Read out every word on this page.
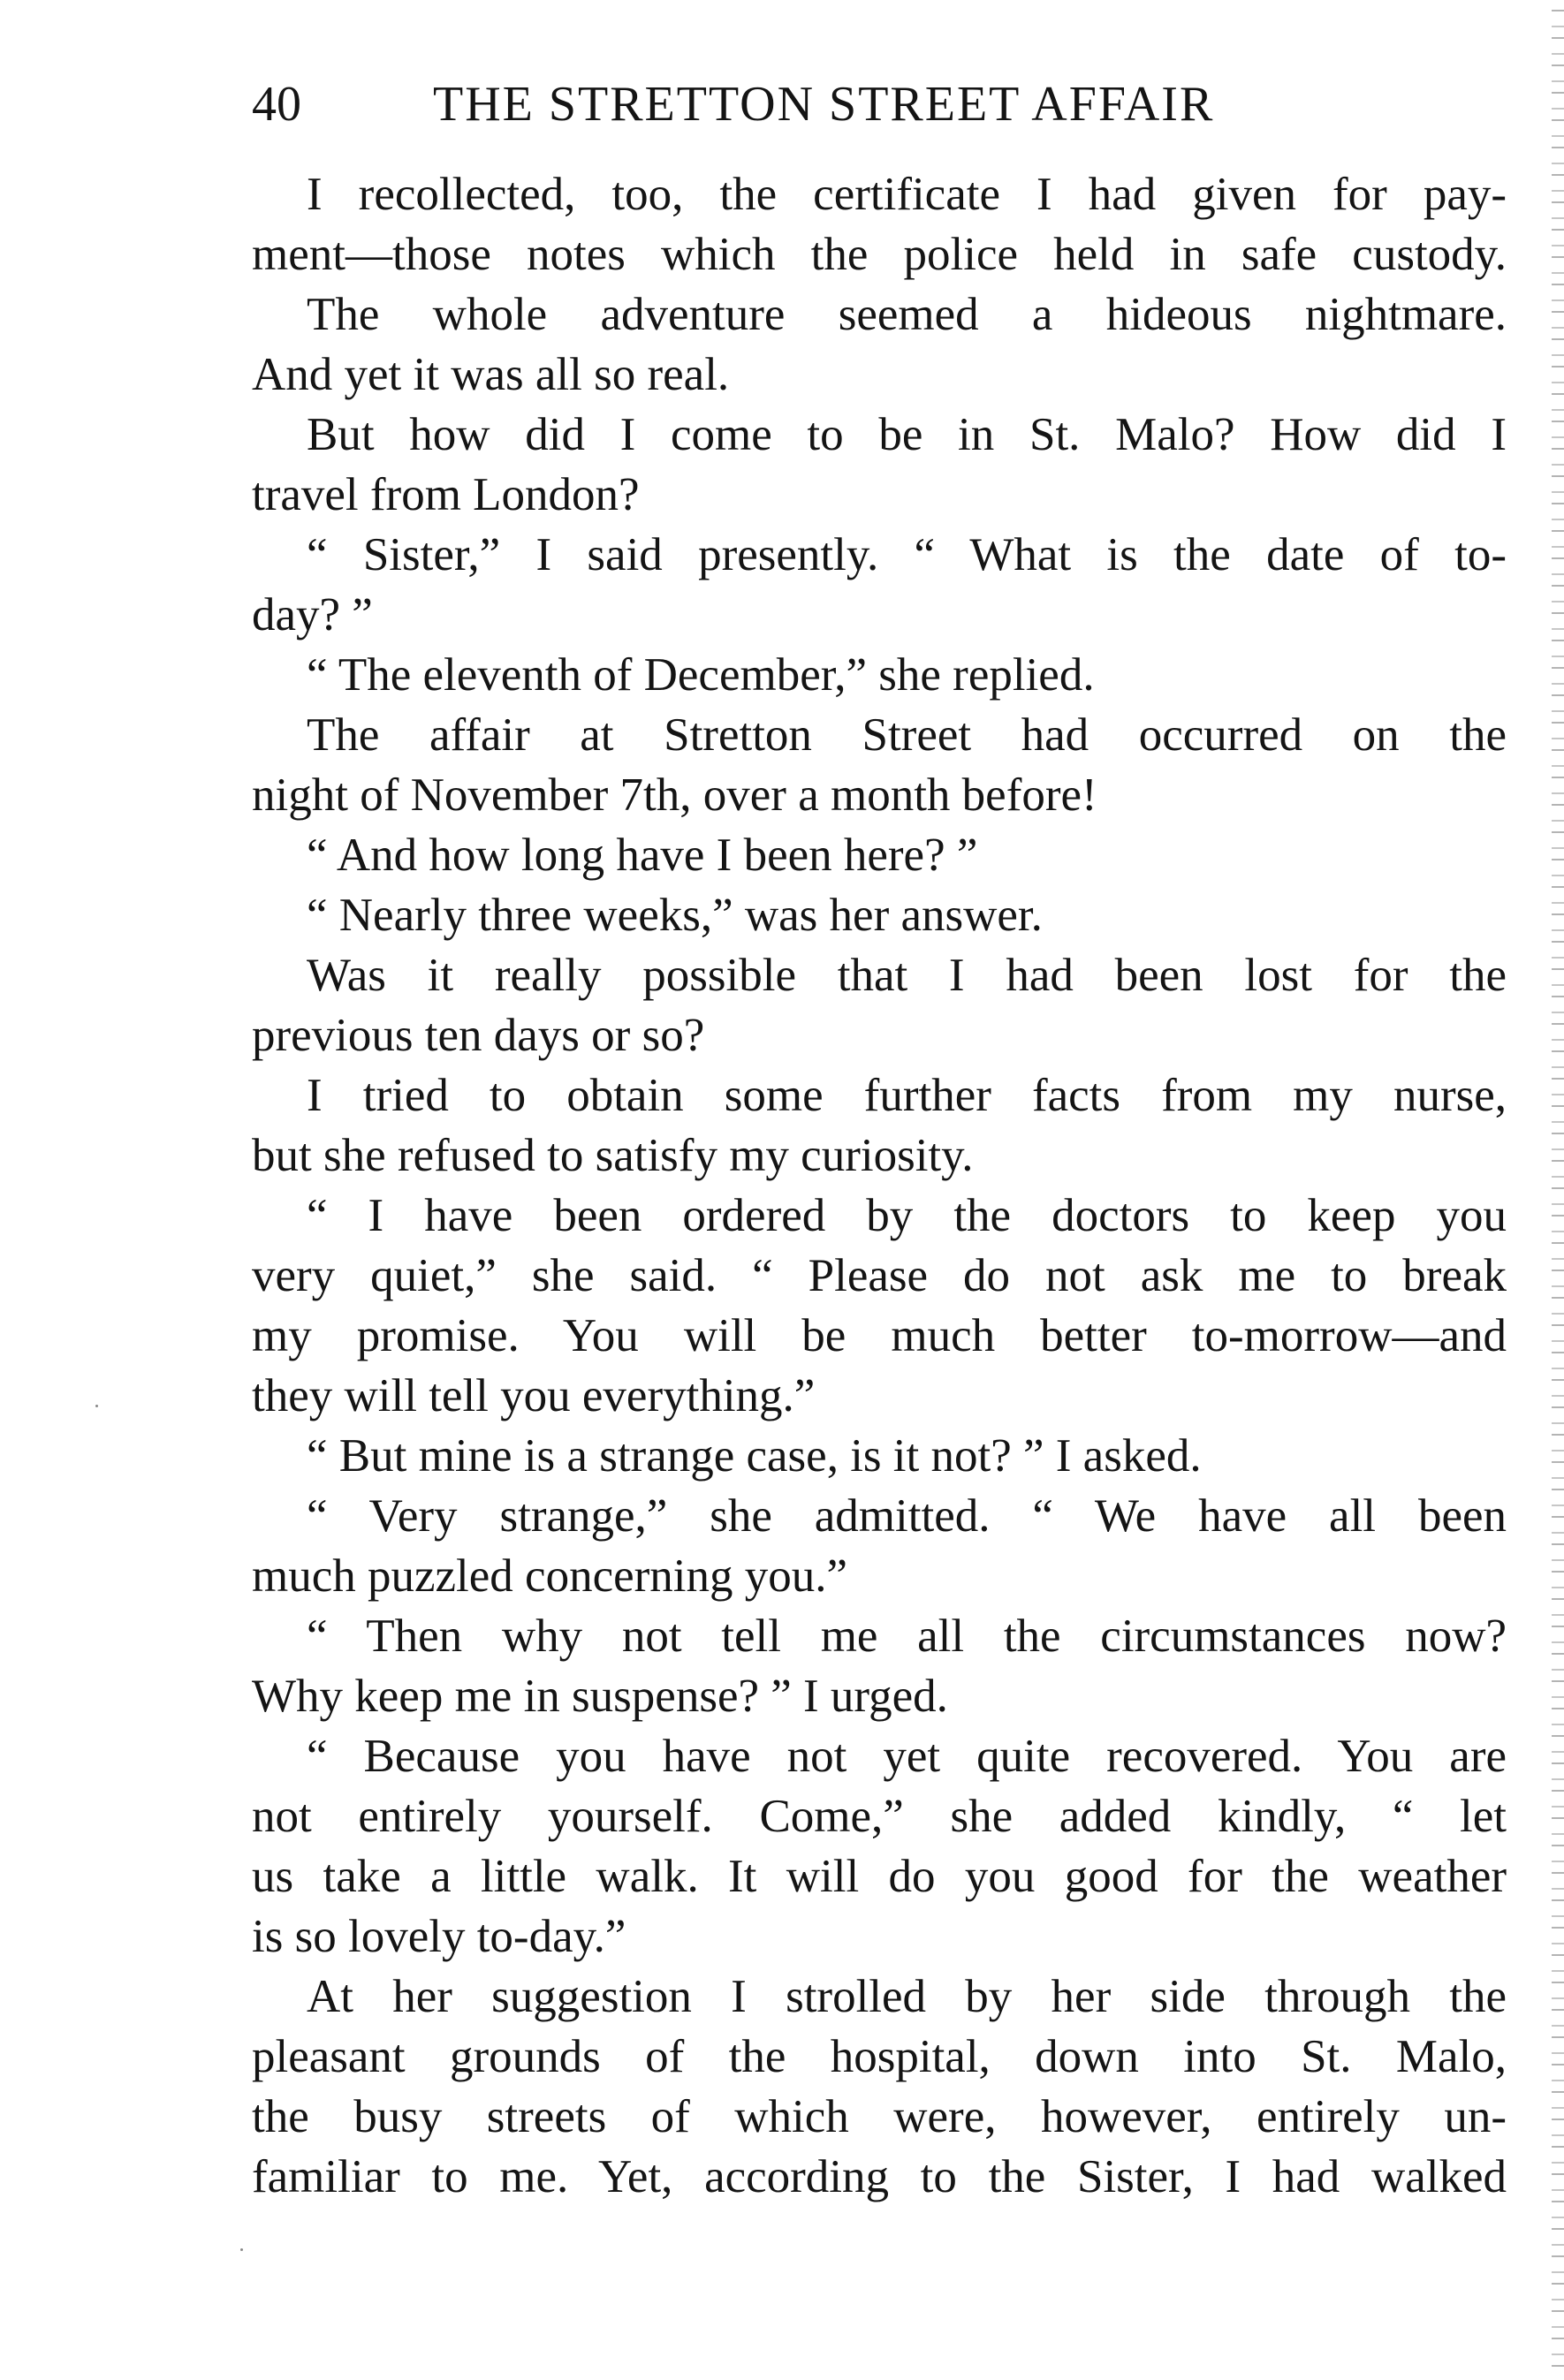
40	THE STRETTON STREET AFFAIR
I recollected, too, the certificate I had given for pay-
ment—those notes which the police held in safe custody.
The whole adventure seemed a hideous nightmare.
And yet it was all so real.
But how did I come to be in St. Malo? How did I
travel from London?
“ Sister,” I said presently. “ What is the date of to-
day? ”
“ The eleventh of December,” she replied.
The affair at Stretton Street had occurred on the
night of November 7th, over a month before!
“ And how long have I been here? ”
“ Nearly three weeks,” was her answer.
Was it really possible that I had been lost for the
previous ten days or so?
I tried to obtain some further facts from my nurse,
but she refused to satisfy my curiosity.
“ I have been ordered by the doctors to keep you
very quiet,” she said. “ Please do not ask me to break
my promise. You will be much better to-morrow—and
they will tell you everything.”
“ But mine is a strange case, is it not? ” I asked.
“ Very strange,” she admitted. “ We have all been
much puzzled concerning you.”
“ Then why not tell me all the circumstances now?
Why keep me in suspense? ” I urged.
“ Because you have not yet quite recovered. You are
not entirely yourself. Come,” she added kindly, “ let
us take a little walk. It will do you good for the weather
is so lovely to-day.”
At her suggestion I strolled by her side through the
pleasant grounds of the hospital, down into St. Malo,
the busy streets of which were, however, entirely un-
familiar to me. Yet, according to the Sister, I had walked
